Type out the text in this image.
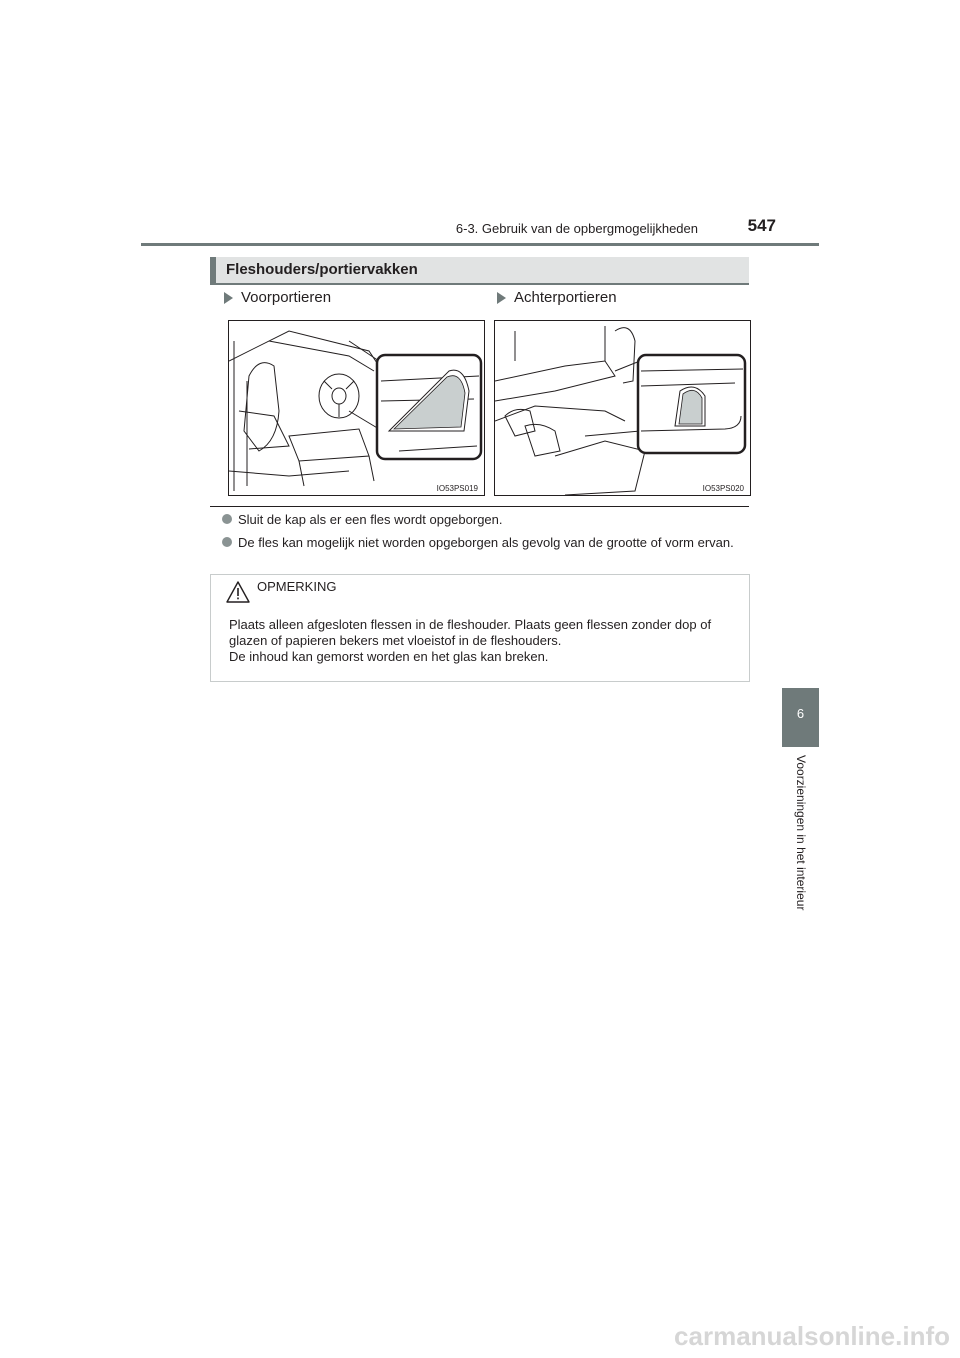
6-3. Gebruik van de opbergmogelijkheden	547
6
Voorzieningen in het interieur
Fleshouders/portiervakken
Voorportieren	Achterportieren
IO53PS019	IO53PS020
Sluit de kap als er een fles wordt opgeborgen.
De fles kan mogelijk niet worden opgeborgen als gevolg van de grootte of vorm ervan.
OPMERKING

Plaats alleen afgesloten flessen in de fleshouder. Plaats geen flessen zonder dop of glazen of papieren bekers met vloeistof in de fleshouders.

De inhoud kan gemorst worden en het glas kan breken.

carmanualsonline.info
